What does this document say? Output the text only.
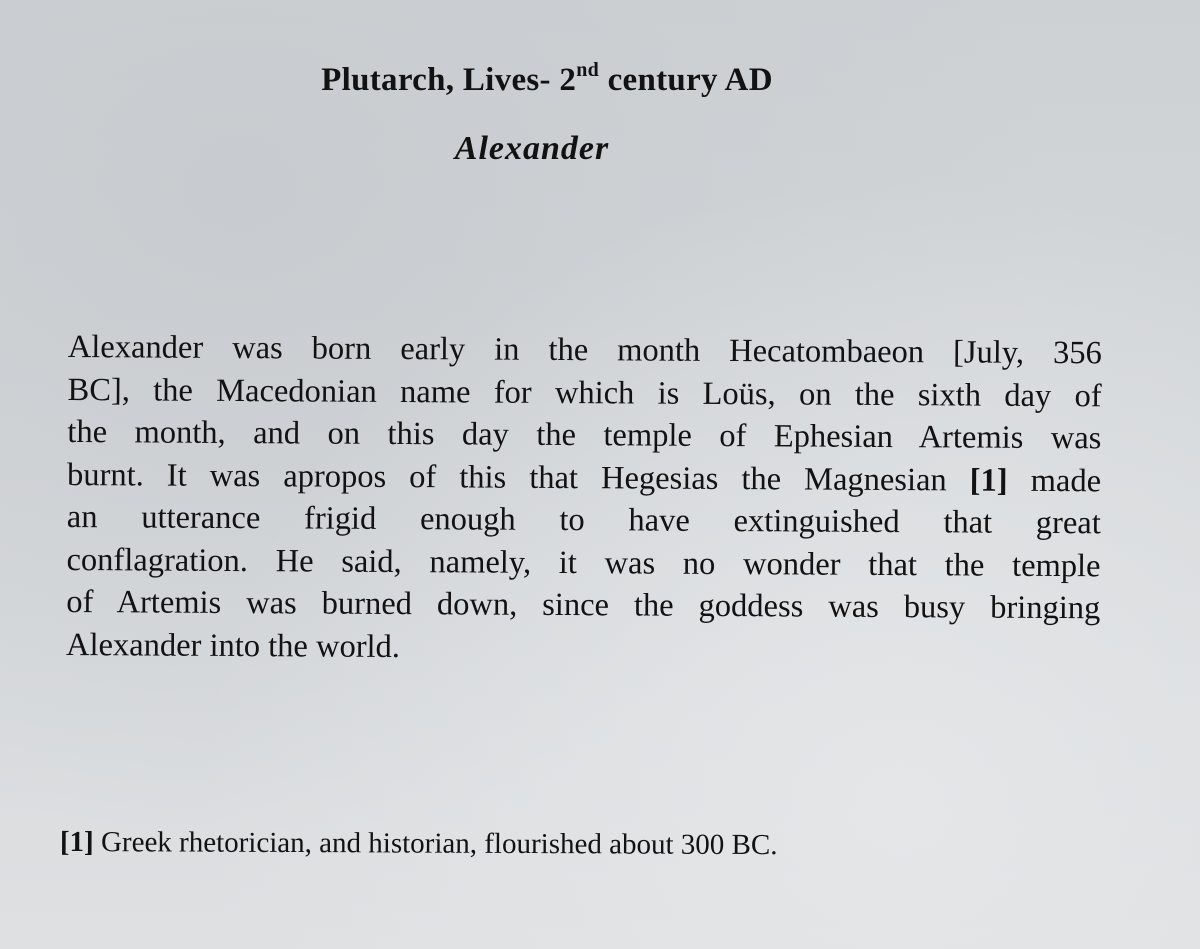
Plutarch, Lives- 2nd century AD
Alexander
Alexander was born early in the month Hecatombaeon [July, 356
BC], the Macedonian name for which is Loüs, on the sixth day of
the month, and on this day the temple of Ephesian Artemis was
burnt. It was apropos of this that Hegesias the Magnesian [1] made
an utterance frigid enough to have extinguished that great
conflagration. He said, namely, it was no wonder that the temple
of Artemis was burned down, since the goddess was busy bringing
Alexander into the world.

[1] Greek rhetorician, and historian, flourished about 300 BC.
